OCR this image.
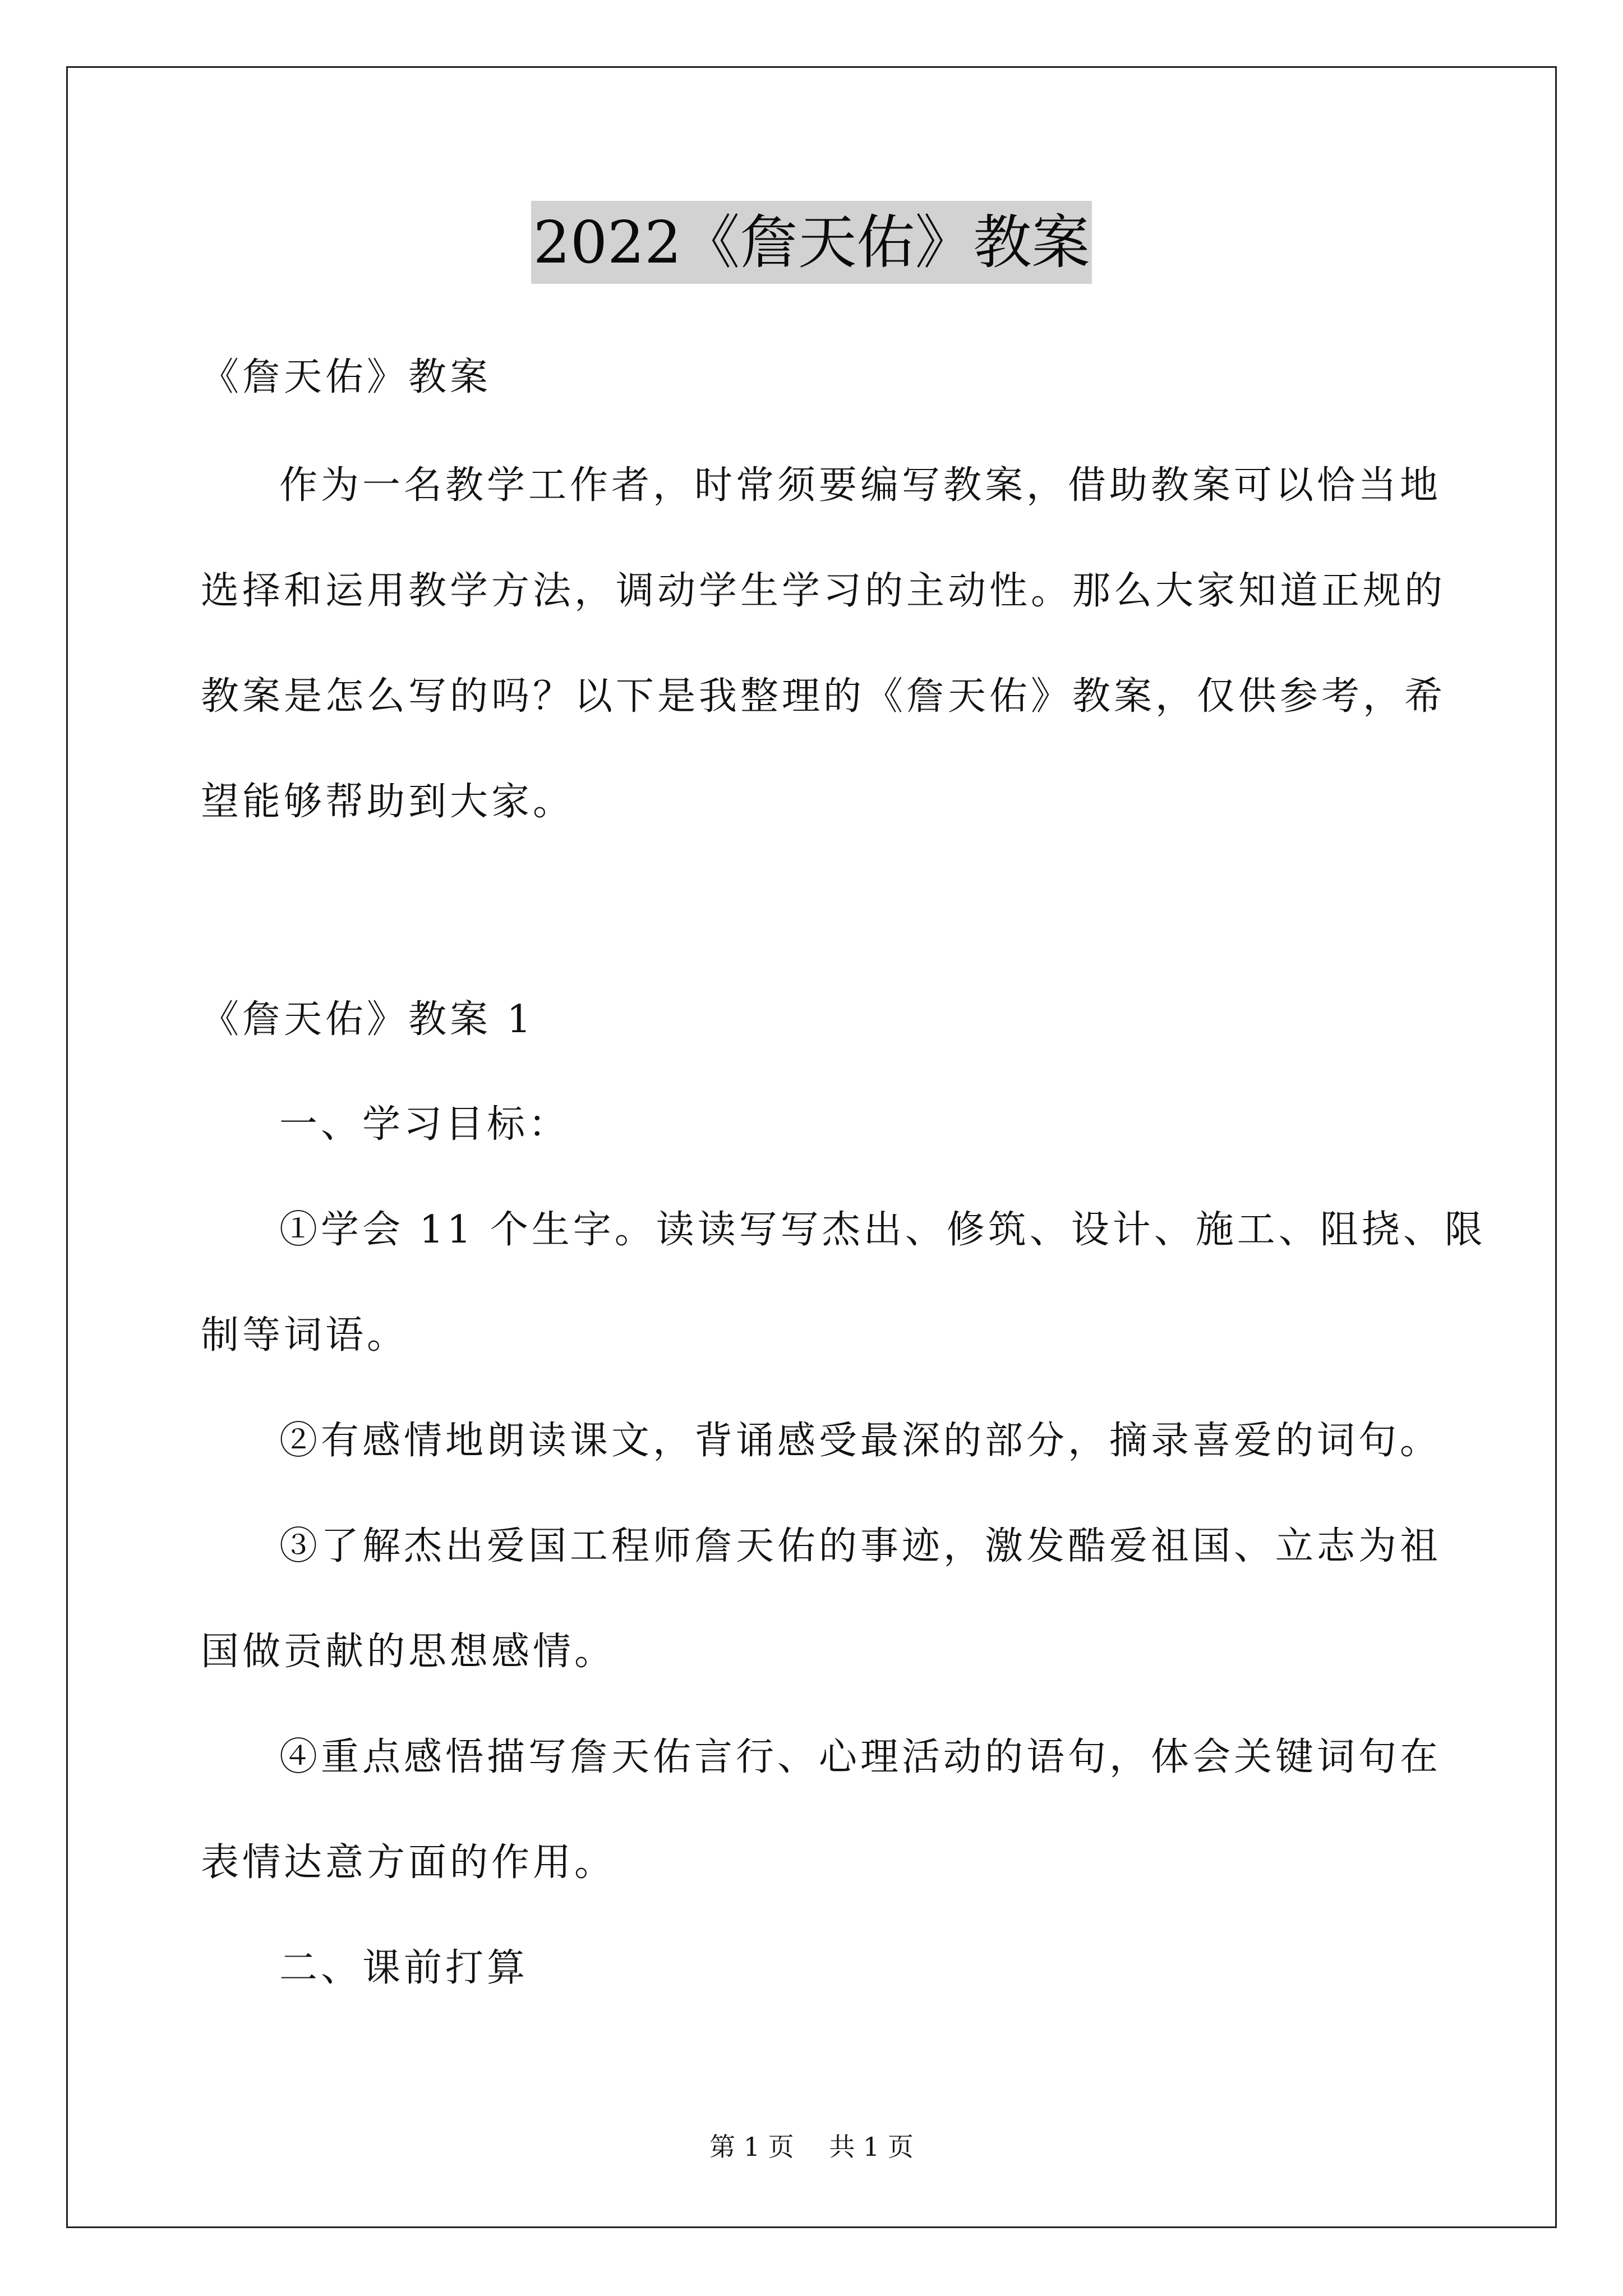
2022《詹天佑》教案
《詹天佑》教案
作为一名教学工作者，时常须要编写教案，借助教案可以恰当地
选择和运用教学方法，调动学生学习的主动性。那么大家知道正规的
教案是怎么写的吗？以下是我整理的《詹天佑》教案，仅供参考，希
望能够帮助到大家。
《詹天佑》教案 1
一、学习目标：
①学会 11 个生字。读读写写杰出、修筑、设计、施工、阻挠、限
制等词语。
②有感情地朗读课文，背诵感受最深的部分，摘录喜爱的词句。
③了解杰出爱国工程师詹天佑的事迹，激发酷爱祖国、立志为祖
国做贡献的思想感情。
④重点感悟描写詹天佑言行、心理活动的语句，体会关键词句在
表情达意方面的作用。
二、课前打算
第 1 页 共 1 页
